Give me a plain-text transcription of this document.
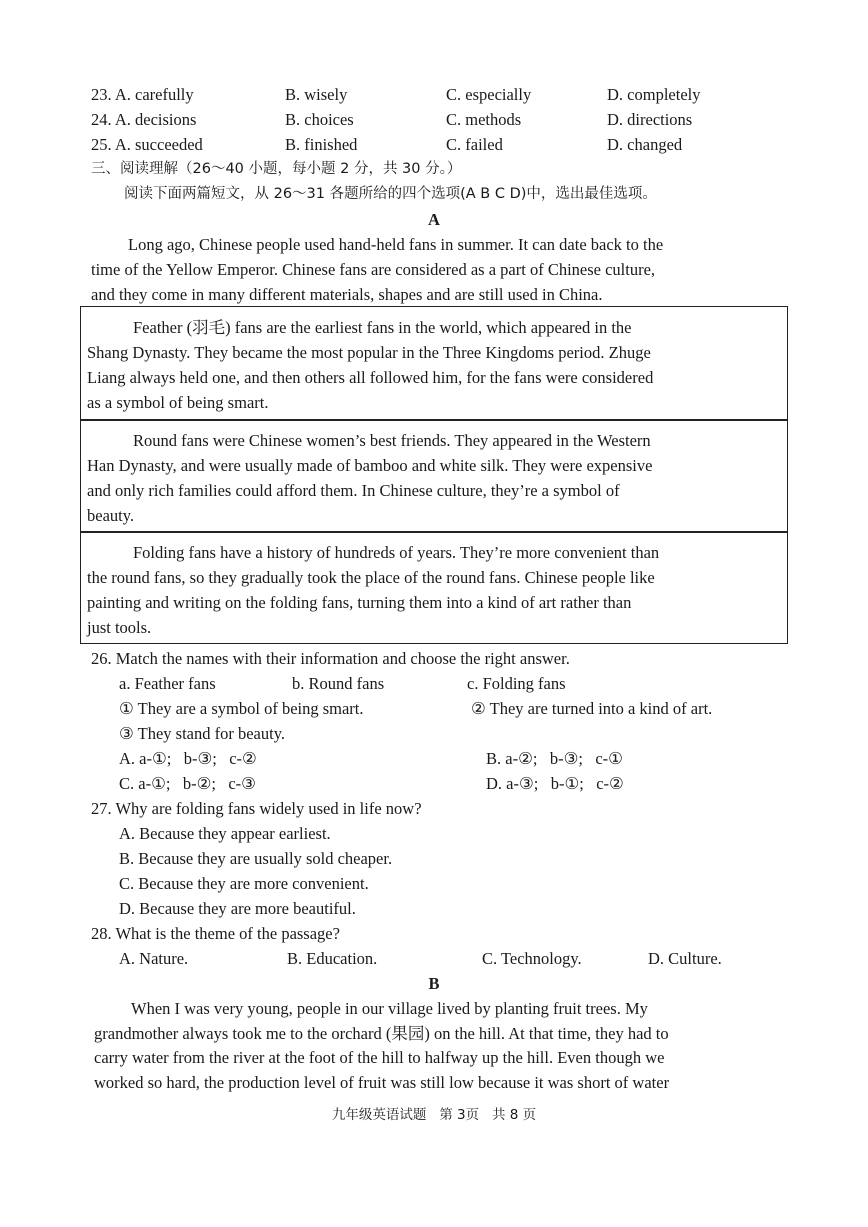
23. A. carefully	B. wisely	C. especially	D. completely
24. A. decisions	B. choices	C. methods	D. directions
25. A. succeeded	B. finished	C. failed	D. changed
三、阅读理解（26～40 小题，每小题 2 分，共 30 分。）
阅读下面两篇短文，从 26～31 各题所给的四个选项(A B C D)中，选出最佳选项。
A
Long ago, Chinese people used hand-held fans in summer. It can date back to the
time of the Yellow Emperor. Chinese fans are considered as a part of Chinese culture,
and they come in many different materials, shapes and are still used in China.
Feather (羽毛) fans are the earliest fans in the world, which appeared in the
Shang Dynasty. They became the most popular in the Three Kingdoms period. Zhuge
Liang always held one, and then others all followed him, for the fans were considered
as a symbol of being smart.
Round fans were Chinese women’s best friends. They appeared in the Western
Han Dynasty, and were usually made of bamboo and white silk. They were expensive
and only rich families could afford them. In Chinese culture, they’re a symbol of
beauty.
Folding fans have a history of hundreds of years. They’re more convenient than
the round fans, so they gradually took the place of the round fans. Chinese people like
painting and writing on the folding fans, turning them into a kind of art rather than
just tools.
26. Match the names with their information and choose the right answer.
a. Feather fans	b. Round fans	c. Folding fans
① They are a symbol of being smart.	② They are turned into a kind of art.
③ They stand for beauty.
A. a-①;   b-③;   c-②	B. a-②;   b-③;   c-①
C. a-①;   b-②;   c-③	D. a-③;   b-①;   c-②
27. Why are folding fans widely used in life now?
A. Because they appear earliest.
B. Because they are usually sold cheaper.
C. Because they are more convenient.
D. Because they are more beautiful.
28. What is the theme of the passage?
A. Nature.	B. Education.	C. Technology.	D. Culture.
B
When I was very young, people in our village lived by planting fruit trees. My
grandmother always took me to the orchard (果园) on the hill. At that time, they had to
carry water from the river at the foot of the hill to halfway up the hill. Even though we
worked so hard, the production level of fruit was still low because it was short of water
九年级英语试题   第 3页   共 8 页
